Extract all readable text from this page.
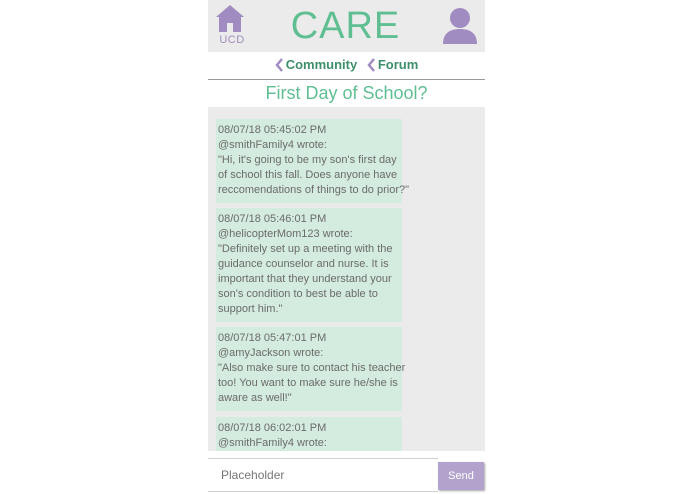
UCD	CARE
Community
Forum
First Day of School?
08/07/18 05:45:02 PM
@smithFamily4 wrote:
"Hi, it's going to be my son's first day
of school this fall. Does anyone have
reccomendations of things to do prior?"
08/07/18 05:46:01 PM
@helicopterMom123 wrote:
"Definitely set up a meeting with the
guidance counselor and nurse. It is
important that they understand your
son's condition to best be able to
support him."
08/07/18 05:47:01 PM
@amyJackson wrote:
"Also make sure to contact his teacher
too! You want to make sure he/she is
aware as well!"
08/07/18 06:02:01 PM
@smithFamily4 wrote:
Placeholder
Send
